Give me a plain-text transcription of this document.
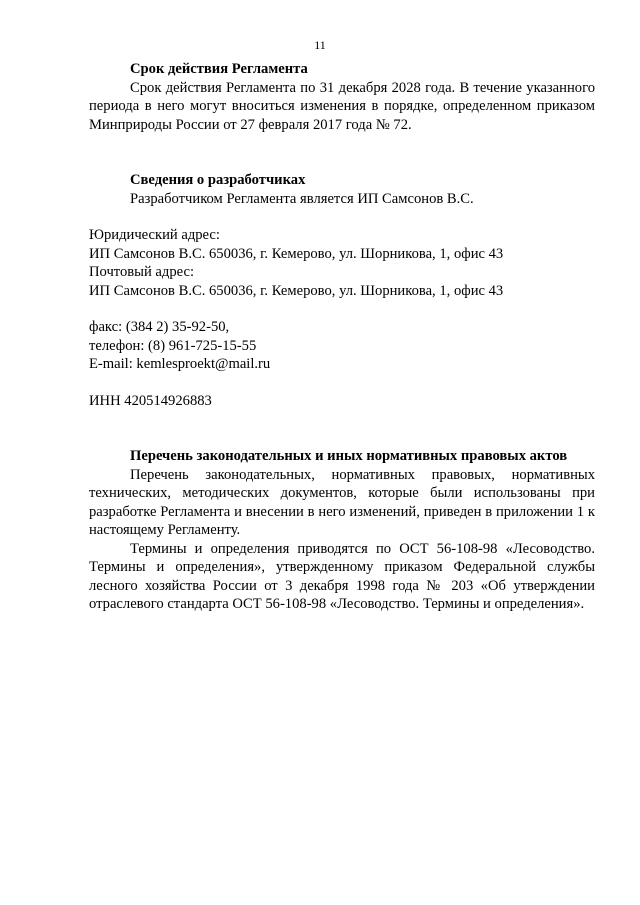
11

Срок действия Регламента

Срок действия Регламента по 31 декабря 2028 года. В течение указанного периода в него могут вноситься изменения в порядке, определенном приказом Минприроды России от 27 февраля 2017 года № 72.

Сведения о разработчиках

Разработчиком Регламента является ИП Самсонов В.С.

Юридический адрес:

ИП Самсонов В.С. 650036, г. Кемерово, ул. Шорникова, 1, офис 43

Почтовый адрес:

ИП Самсонов В.С. 650036, г. Кемерово, ул. Шорникова, 1, офис 43

факс: (384 2) 35-92-50,

телефон: (8) 961-725-15-55

E-mail: kemlesproekt@mail.ru

ИНН 420514926883

Перечень законодательных и иных нормативных правовых актов

Перечень законодательных, нормативных правовых, нормативных технических, методических документов, которые были использованы при разработке Регламента и внесении в него изменений, приведен в приложении 1 к настоящему Регламенту.

Термины и определения приводятся по ОСТ 56-108-98 «Лесоводство. Термины и определения», утвержденному приказом Федеральной службы лесного хозяйства России от 3 декабря 1998 года № 203 «Об утверждении отраслевого стандарта ОСТ 56-108-98 «Лесоводство. Термины и определения».
